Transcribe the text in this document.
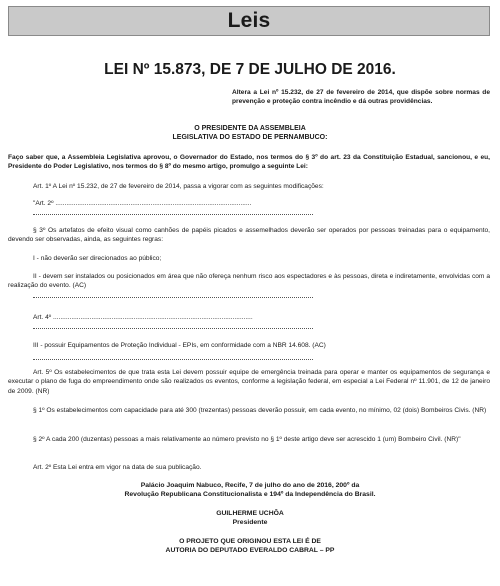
Leis
LEI Nº 15.873, DE 7 DE JULHO DE 2016.

Altera a Lei nº 15.232, de 27 de fevereiro de 2014, que dispõe sobre normas de prevenção e proteção contra incêndio e dá outras providências.

O PRESIDENTE DA ASSEMBLEIA
LEGISLATIVA DO ESTADO DE PERNAMBUCO:

Faço saber que, a Assembleia Legislativa aprovou, o Governador do Estado, nos termos do § 3º do art. 23 da Constituição Estadual, sancionou, e eu, Presidente do Poder Legislativo, nos termos do § 8º do mesmo artigo, promulgo a seguinte Lei:

Art. 1º A Lei nº 15.232, de 27 de fevereiro de 2014, passa a vigorar com as seguintes modificações:

"Art. 2º ...........................................................................................................

§ 3º Os artefatos de efeito visual como canhões de papéis picados e assemelhados deverão ser operados por pessoas treinadas para o equipamento, devendo ser observadas, ainda, as seguintes regras:

I - não deverão ser direcionados ao público;

II - devem ser instalados ou posicionados em área que não ofereça nenhum risco aos espectadores e às pessoas, direta e indiretamente, envolvidas com a realização do evento. (AC)

Art. 4º .............................................................................................................

III - possuir Equipamentos de Proteção Individual - EPIs, em conformidade com a NBR 14.608. (AC)

Art. 5º Os estabelecimentos de que trata esta Lei devem possuir equipe de emergência treinada para operar e manter os equipamentos de segurança e executar o plano de fuga do empreendimento onde são realizados os eventos, conforme a legislação federal, em especial a Lei Federal nº 11.901, de 12 de janeiro de 2009. (NR)

§ 1º Os estabelecimentos com capacidade para até 300 (trezentas) pessoas deverão possuir, em cada evento, no mínimo, 02 (dois) Bombeiros Civis. (NR)

§ 2º A cada 200 (duzentas) pessoas a mais relativamente ao número previsto no § 1º deste artigo deve ser acrescido 1 (um) Bombeiro Civil. (NR)"

Art. 2º Esta Lei entra em vigor na data de sua publicação.

Palácio Joaquim Nabuco, Recife, 7 de julho do ano de 2016, 200º da
Revolução Republicana Constitucionalista e 194º da Independência do Brasil.
GUILHERME UCHÔA
Presidente
O PROJETO QUE ORIGINOU ESTA LEI É DE
AUTORIA DO DEPUTADO EVERALDO CABRAL – PP
